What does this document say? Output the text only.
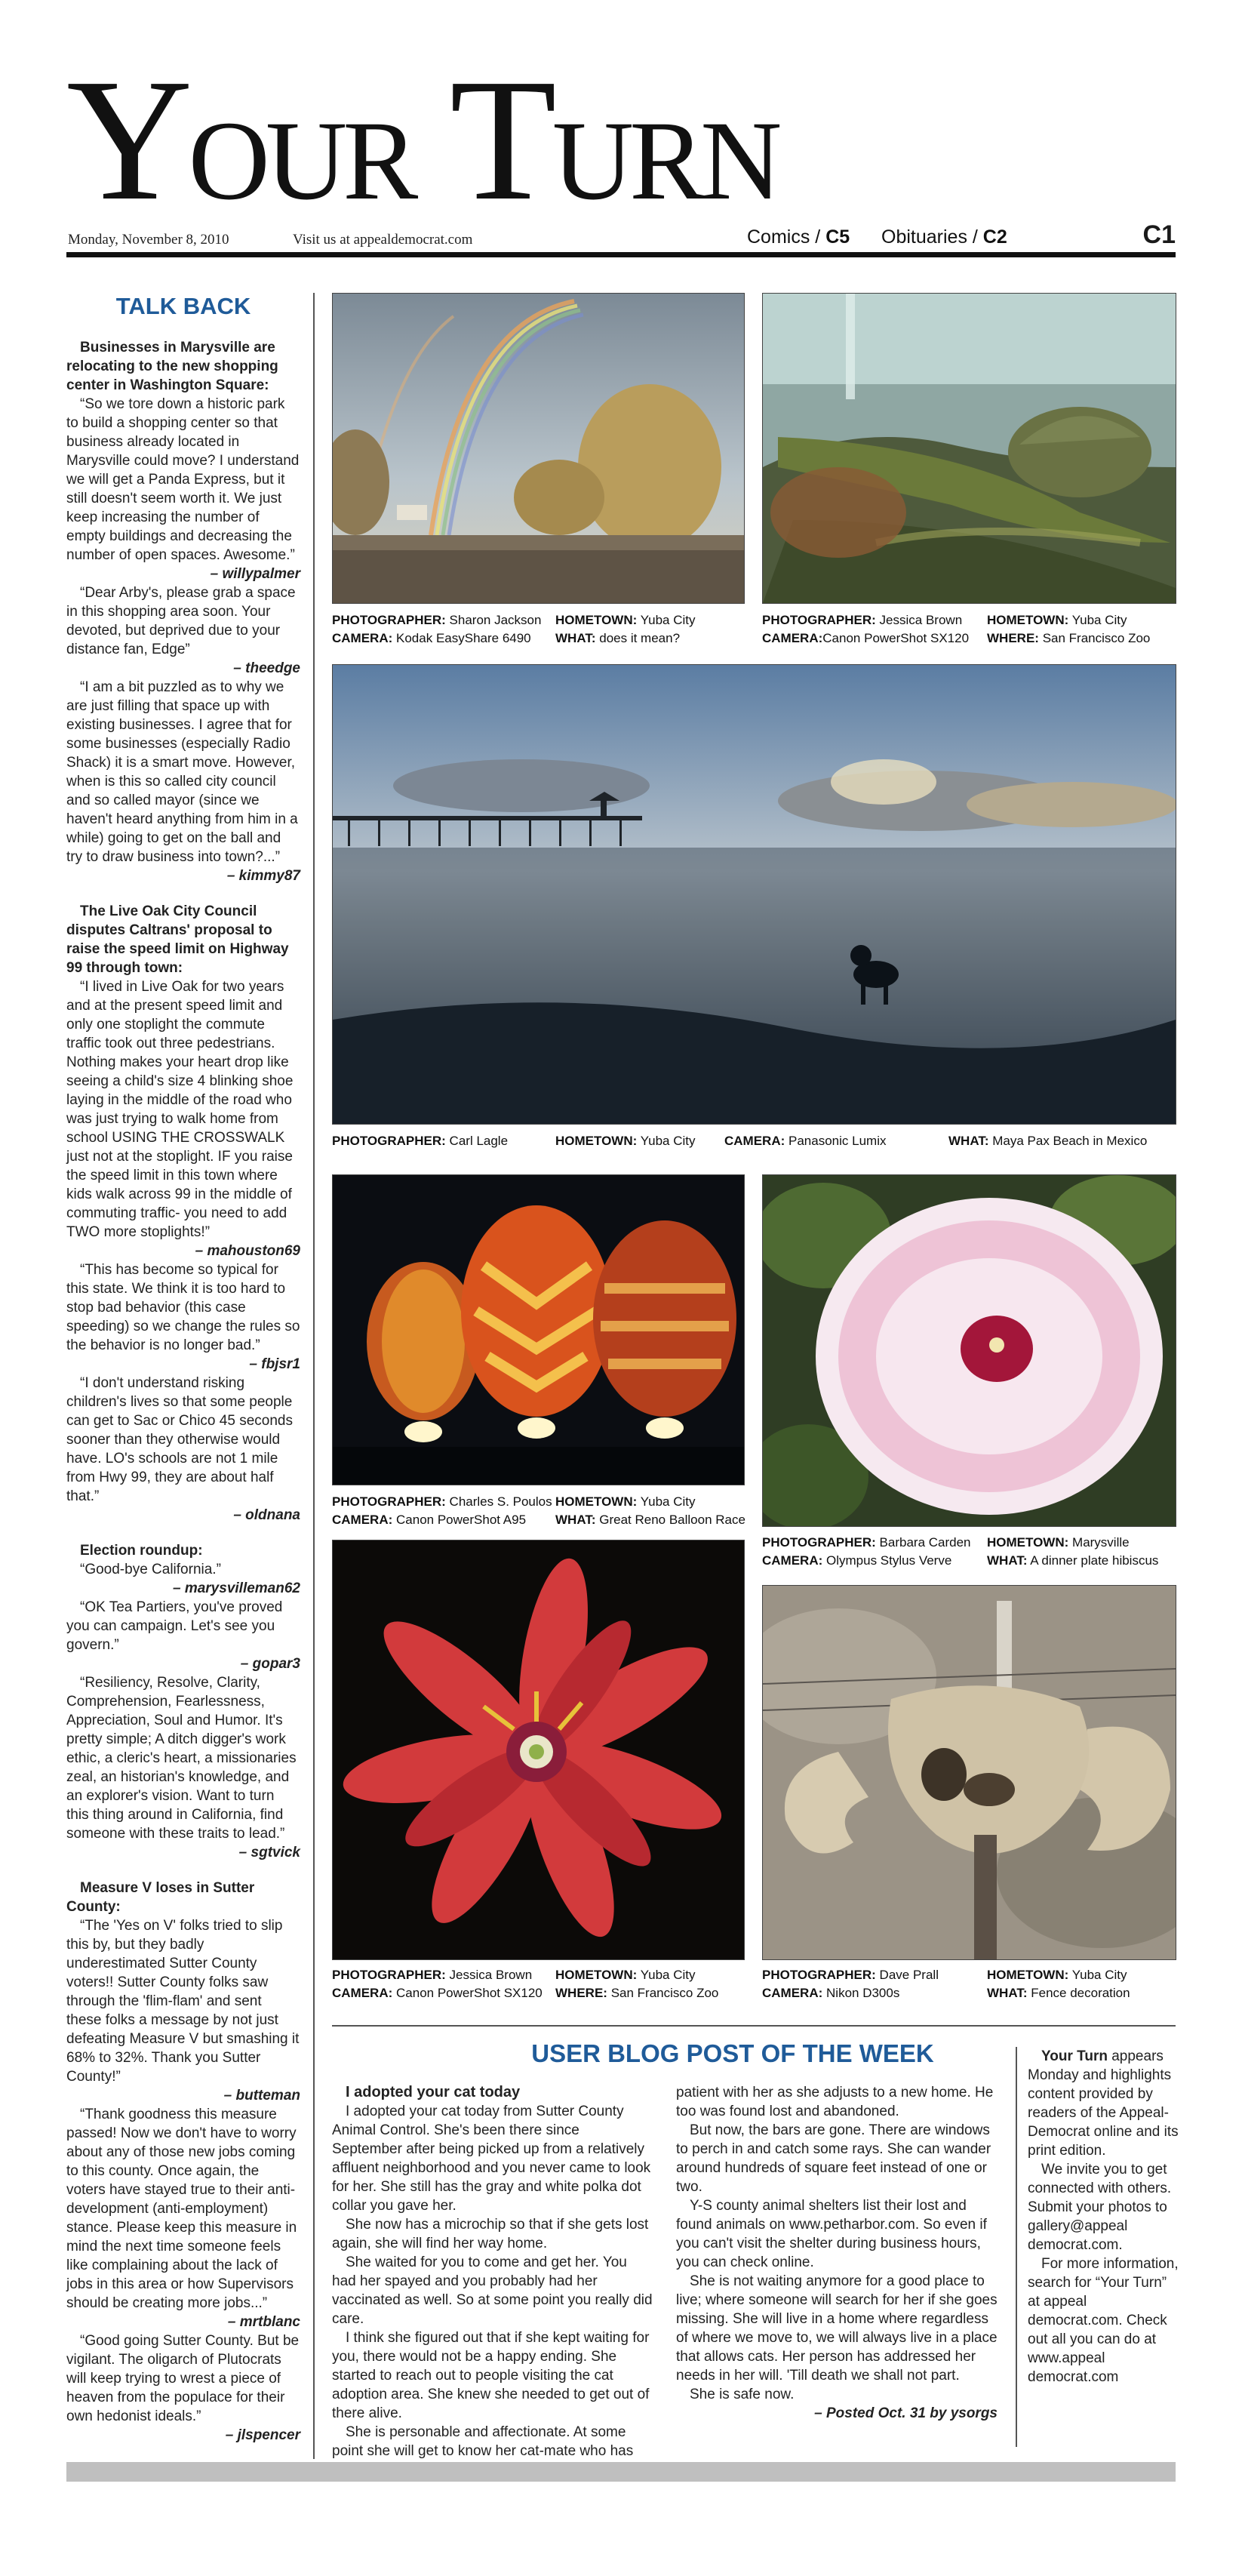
YOUR TURN
Monday, November 8, 2010	Visit us at appealdemocrat.com	Comics / C5 Obituaries / C2	C1
TALK BACK

Businesses in Marysville are relocating to the new shopping center in Washington Square:

“So we tore down a historic park to build a shopping center so that business already located in Marysville could move? I understand we will get a Panda Express, but it still doesn't seem worth it. We just keep increasing the number of empty buildings and decreasing the number of open spaces. Awesome.”

– willypalmer

“Dear Arby's, please grab a space in this shopping area soon. Your devoted, but deprived due to your distance fan, Edge”

– theedge

“I am a bit puzzled as to why we are just filling that space up with existing businesses. I agree that for some businesses (especially Radio Shack) it is a smart move. However, when is this so called city council and so called mayor (since we haven't heard anything from him in a while) going to get on the ball and try to draw business into town?...”

– kimmy87

The Live Oak City Council disputes Caltrans' proposal to raise the speed limit on Highway 99 through town:

“I lived in Live Oak for two years and at the present speed limit and only one stoplight the commute traffic took out three pedestrians. Nothing makes your heart drop like seeing a child's size 4 blinking shoe laying in the middle of the road who was just trying to walk home from school USING THE CROSSWALK just not at the stoplight. IF you raise the speed limit in this town where kids walk across 99 in the middle of commuting traffic- you need to add TWO more stoplights!”

– mahouston69

“This has become so typical for this state. We think it is too hard to stop bad behavior (this case speeding) so we change the rules so the behavior is no longer bad.”

– fbjsr1

“I don't understand risking children's lives so that some people can get to Sac or Chico 45 seconds sooner than they otherwise would have. LO's schools are not 1 mile from Hwy 99, they are about half that.”

– oldnana

Election roundup:

“Good-bye California.”

– marysvilleman62

“OK Tea Partiers, you've proved you can campaign. Let's see you govern.”

– gopar3

“Resiliency, Resolve, Clarity, Comprehension, Fearlessness, Appreciation, Soul and Humor. It's pretty simple; A ditch digger's work ethic, a cleric's heart, a missionaries zeal, an historian's knowledge, and an explorer's vision. Want to turn this thing around in California, find someone with these traits to lead.”

– sgtvick

Measure V loses in Sutter County:

“The 'Yes on V' folks tried to slip this by, but they badly underestimated Sutter County voters!! Sutter County folks saw through the 'flim-flam' and sent these folks a message by not just defeating Measure V but smashing it 68% to 32%. Thank you Sutter County!”

– butteman

“Thank goodness this measure passed! Now we don't have to worry about any of those new jobs coming to this county. Once again, the voters have stayed true to their anti-development (anti-employment) stance. Please keep this measure in mind the next time someone feels like complaining about the lack of jobs in this area or how Supervisors should be creating more jobs...”

– mrtblanc

“Good going Sutter County. But be vigilant. The oligarch of Plutocrats will keep trying to wrest a piece of heaven from the populace for their own hedonist ideals.”

– jlspencer

PHOTOGRAPHER: Sharon Jackson
CAMERA: Kodak EasyShare 6490
HOMETOWN: Yuba City
WHAT: does it mean?
PHOTOGRAPHER: Jessica Brown
CAMERA:Canon PowerShot SX120
HOMETOWN: Yuba City
WHERE: San Francisco Zoo
PHOTOGRAPHER: Carl Lagle	HOMETOWN: Yuba City CAMERA: Panasonic Lumix	WHAT: Maya Pax Beach in Mexico
PHOTOGRAPHER: Charles S. Poulos
CAMERA: Canon PowerShot A95
HOMETOWN: Yuba City
WHAT: Great Reno Balloon Race
PHOTOGRAPHER: Barbara Carden
CAMERA: Olympus Stylus Verve
HOMETOWN: Marysville
WHAT: A dinner plate hibiscus
PHOTOGRAPHER: Jessica Brown
CAMERA: Canon PowerShot SX120
HOMETOWN: Yuba City
WHERE: San Francisco Zoo
PHOTOGRAPHER: Dave Prall
CAMERA: Nikon D300s
HOMETOWN: Yuba City
WHAT: Fence decoration
USER BLOG POST OF THE WEEK

I adopted your cat today

I adopted your cat today from Sutter County Animal Control. She's been there since September after being picked up from a relatively affluent neighborhood and you never came to look for her. She still has the gray and white polka dot collar you gave her.

She now has a microchip so that if she gets lost again, she will find her way home.

She waited for you to come and get her. You had her spayed and you probably had her vaccinated as well. So at some point you really did care.

I think she figured out that if she kept waiting for you, there would not be a happy ending. She started to reach out to people visiting the cat adoption area. She knew she needed to get out of there alive.

She is personable and affectionate. At some point she will get to know her cat-mate who has

patient with her as she adjusts to a new home. He too was found lost and abandoned.

But now, the bars are gone. There are windows to perch in and catch some rays. She can wander around hundreds of square feet instead of one or two.

Y-S county animal shelters list their lost and found animals on www.petharbor.com. So even if you can't visit the shelter during business hours, you can check online.

She is not waiting anymore for a good place to live; where someone will search for her if she goes missing. She will live in a home where regardless of where we move to, we will always live in a place that allows cats. Her person has addressed her needs in her will. 'Till death we shall not part.

She is safe now.

– Posted Oct. 31 by ysorgs

Your Turn appears Monday and highlights content provided by readers of the Appeal-Democrat online and its print edition.

We invite you to get connected with others. Submit your photos to gallery@appeal democrat.com.

For more information, search for “Your Turn” at appeal democrat.com. Check out all you can do at www.appeal democrat.com
